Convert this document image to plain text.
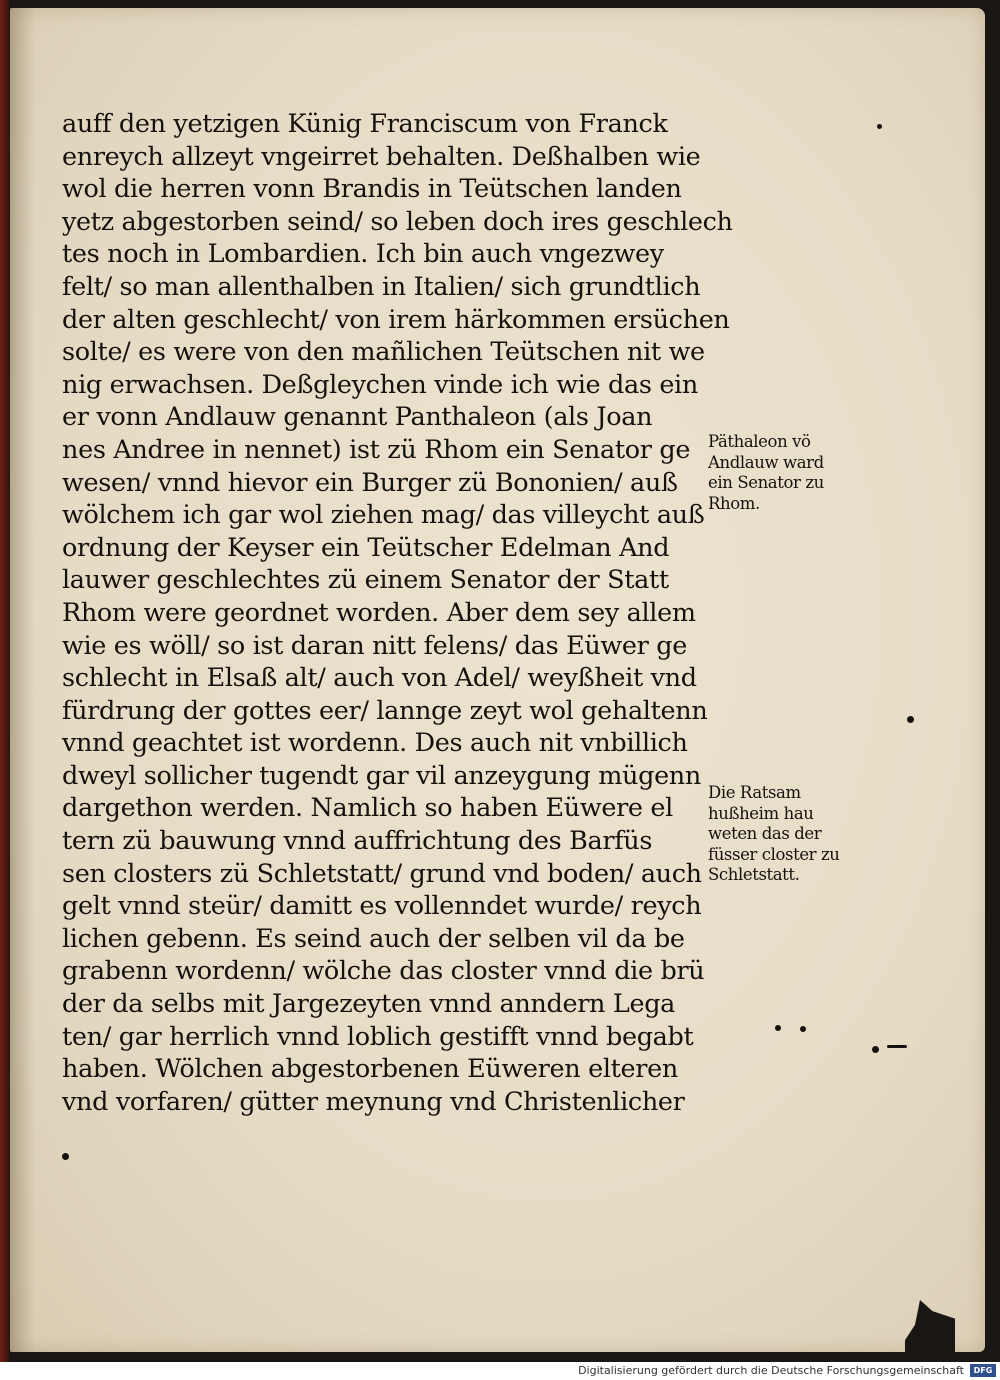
auff den yetzigen Künig Franciscum von Franck
enreych allzeyt vngeirret behalten. Deßhalben wie
wol die herren vonn Brandis in Teütschen landen
yetz abgestorben seind/ so leben doch ires geschlech
tes noch in Lombardien. Ich bin auch vngezwey
felt/ so man allenthalben in Italien/ sich grundtlich
der alten geschlecht/ von irem härkommen ersüchen
solte/ es were von den mañlichen Teütschen nit we
nig erwachsen. Deßgleychen vinde ich wie das ein
er vonn Andlauw genannt Panthaleon (als Joan
nes Andree in nennet) ist zü Rhom ein Senator ge
wesen/ vnnd hievor ein Burger zü Bononien/ auß
wölchem ich gar wol ziehen mag/ das villeycht auß
ordnung der Keyser ein Teütscher Edelman And
lauwer geschlechtes zü einem Senator der Statt
Rhom were geordnet worden. Aber dem sey allem
wie es wöll/ so ist daran nitt felens/ das Eüwer ge
schlecht in Elsaß alt/ auch von Adel/ weyßheit vnd
fürdrung der gottes eer/ lannge zeyt wol gehaltenn
vnnd geachtet ist wordenn. Des auch nit vnbillich
dweyl sollicher tugendt gar vil anzeygung mügenn
dargethon werden. Namlich so haben Eüwere el
tern zü bauwung vnnd auffrichtung des Barfüs
sen closters zü Schletstatt/ grund vnd boden/ auch
gelt vnnd steür/ damitt es vollenndet wurde/ reych
lichen gebenn. Es seind auch der selben vil da be
grabenn wordenn/ wölche das closter vnnd die brü
der da selbs mit Jargezeyten vnnd anndern Lega
ten/ gar herrlich vnnd loblich gestifft vnnd begabt
haben. Wölchen abgestorbenen Eüweren elteren
vnd vorfaren/ gütter meynung vnd Christenlicher
Päthaleon vö
Andlauw ward
ein Senator zu
Rhom.
Die Ratsam
hußheim hau
weten das der
füsser closter zu
Schletstatt.
Digitalisierung gefördert durch die Deutsche Forschungsgemeinschaft	DFG
